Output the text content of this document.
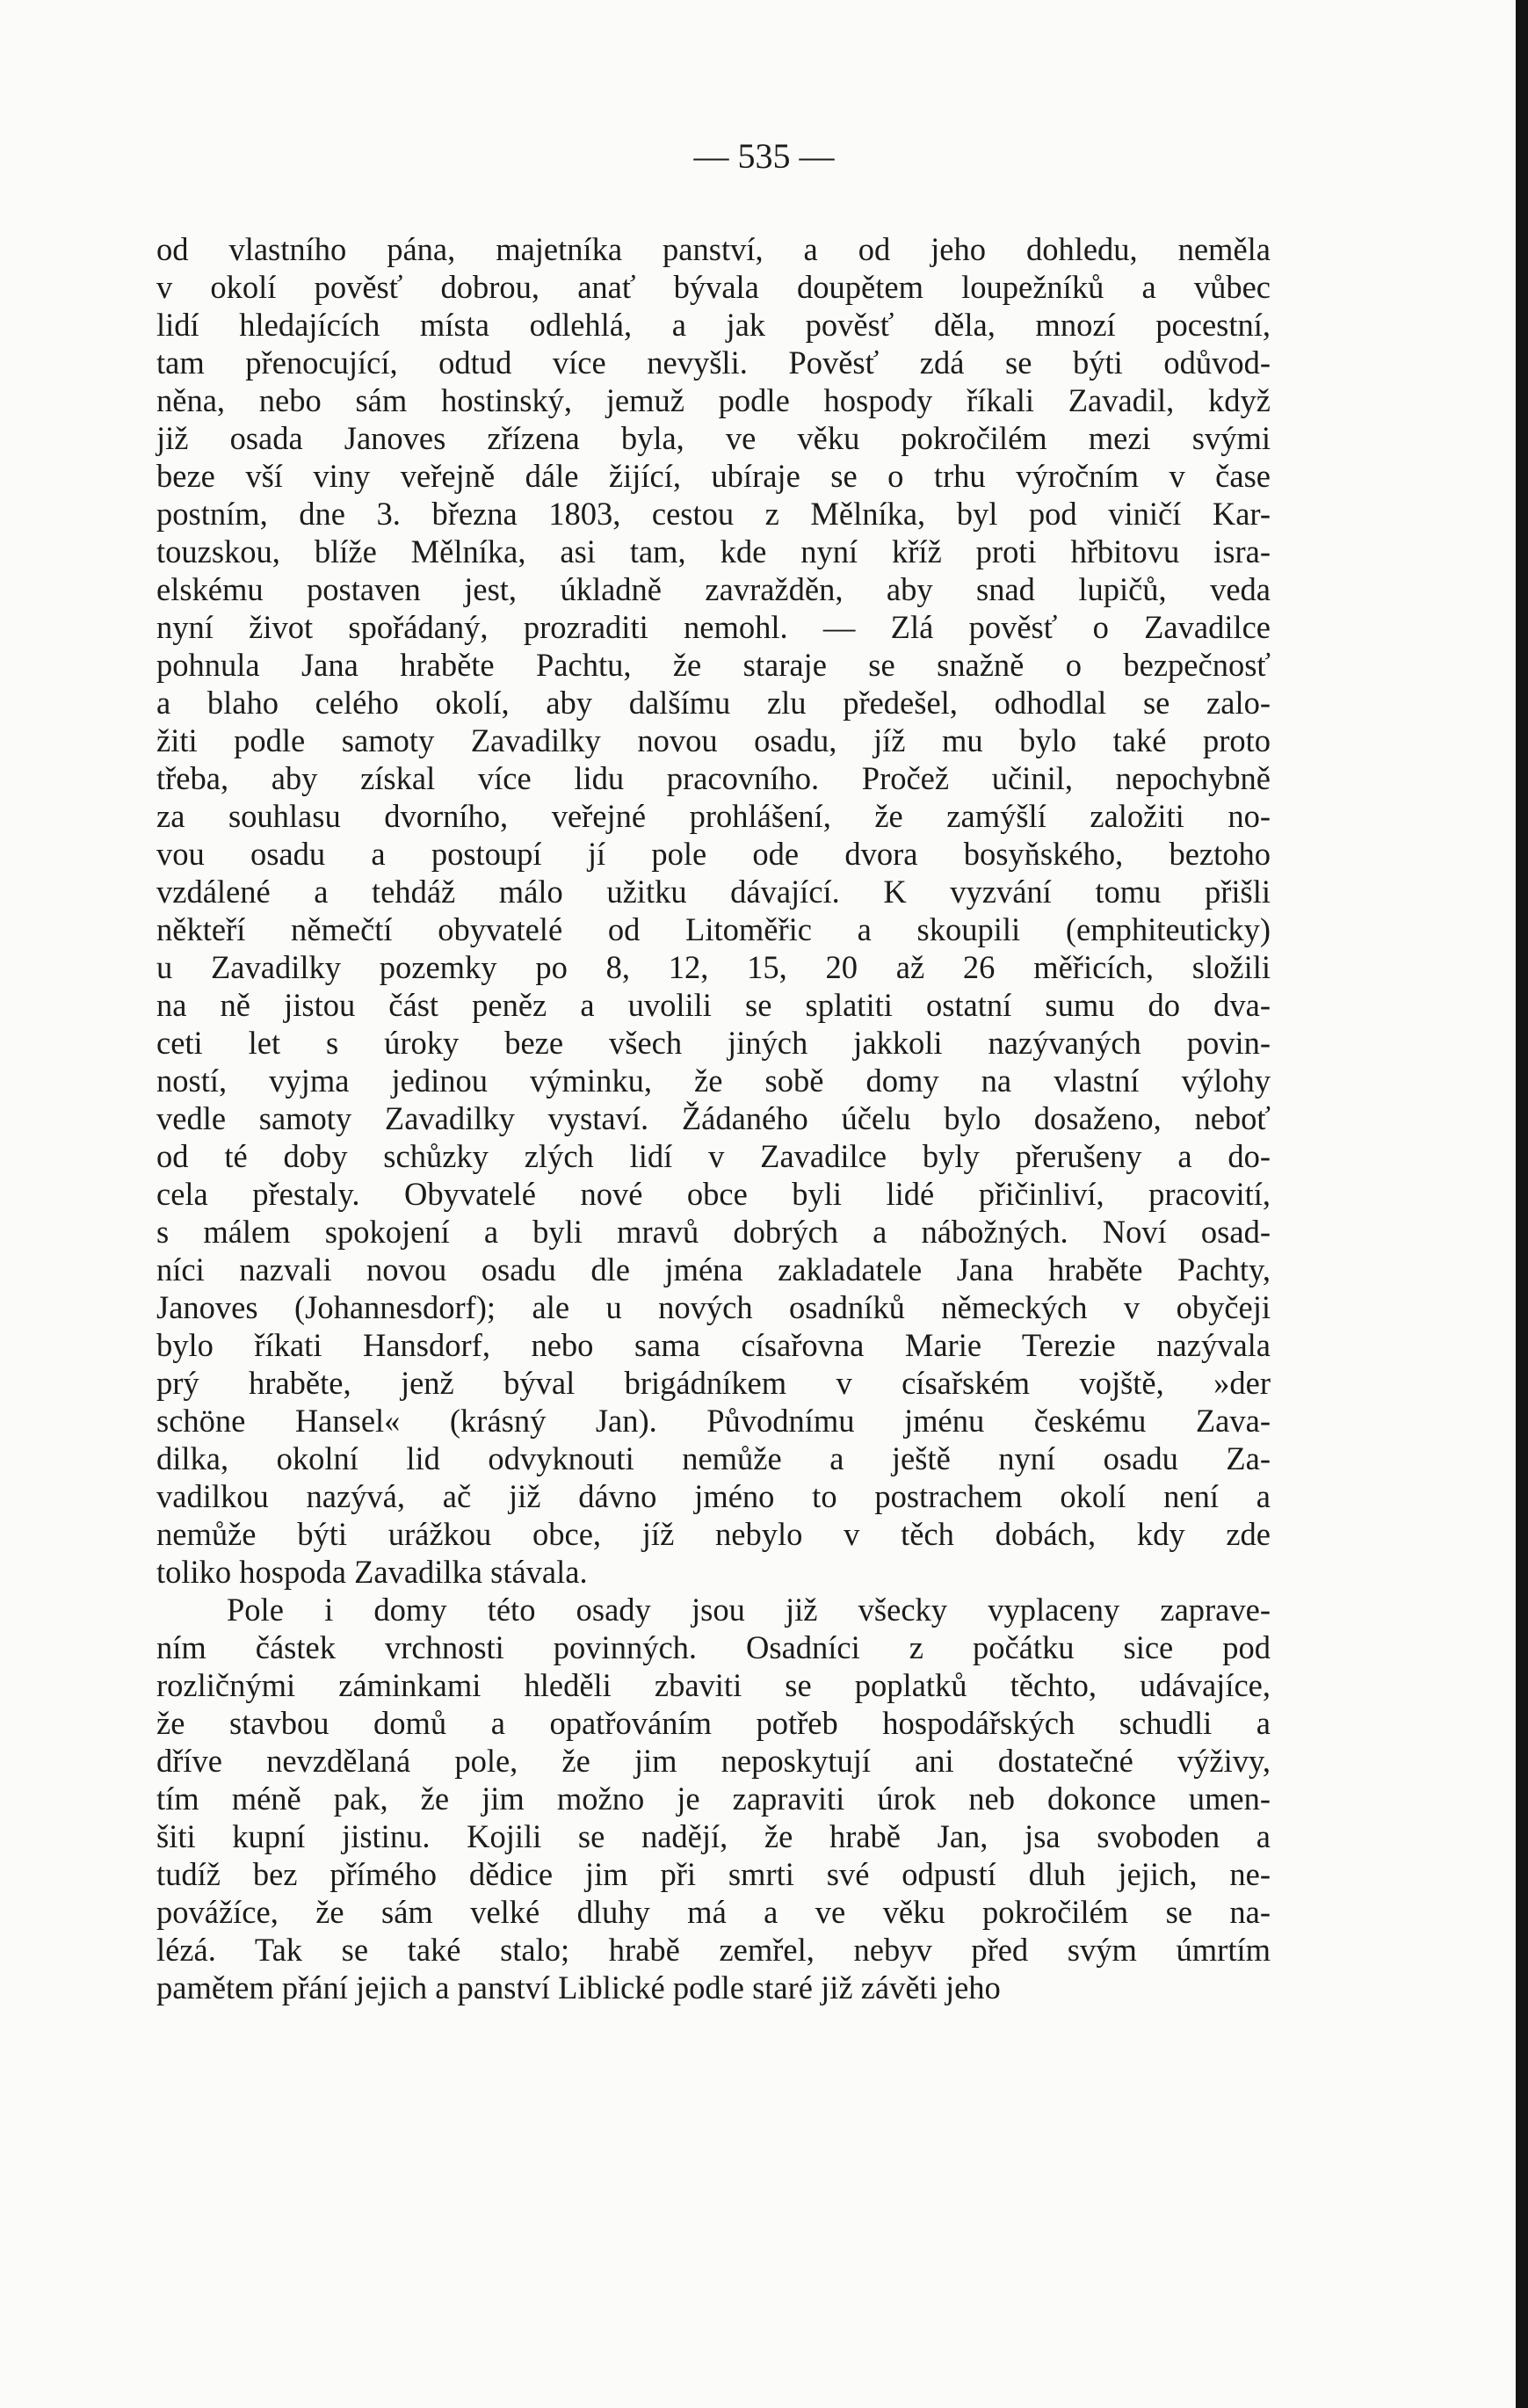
— 535 —
od vlastního pána, majetníka panství, a od jeho dohledu, neměla
v okolí pověsť dobrou, anať bývala doupětem loupežníků a vůbec
lidí hledajících místa odlehlá, a jak pověsť děla, mnozí pocestní,
tam přenocující, odtud více nevyšli. Pověsť zdá se býti odůvod-
něna, nebo sám hostinský, jemuž podle hospody říkali Zavadil, když
již osada Janoves zřízena byla, ve věku pokročilém mezi svými
beze vší viny veřejně dále žijící, ubíraje se o trhu výročním v čase
postním, dne 3. března 1803, cestou z Mělníka, byl pod viničí Kar-
touzskou, blíže Mělníka, asi tam, kde nyní kříž proti hřbitovu isra-
elskému postaven jest, úkladně zavražděn, aby snad lupičů, veda
nyní život spořádaný, prozraditi nemohl. — Zlá pověsť o Zavadilce
pohnula Jana hraběte Pachtu, že staraje se snažně o bezpečnosť
a blaho celého okolí, aby dalšímu zlu předešel, odhodlal se zalo-
žiti podle samoty Zavadilky novou osadu, jíž mu bylo také proto
třeba, aby získal více lidu pracovního. Pročež učinil, nepochybně
za souhlasu dvorního, veřejné prohlášení, že zamýšlí založiti no-
vou osadu a postoupí jí pole ode dvora bosyňského, beztoho
vzdálené a tehdáž málo užitku dávající. K vyzvání tomu přišli
někteří němečtí obyvatelé od Litoměřic a skoupili (emphiteuticky)
u Zavadilky pozemky po 8, 12, 15, 20 až 26 měřicích, složili
na ně jistou část peněz a uvolili se splatiti ostatní sumu do dva-
ceti let s úroky beze všech jiných jakkoli nazývaných povin-
ností, vyjma jedinou výminku, že sobě domy na vlastní výlohy
vedle samoty Zavadilky vystaví. Žádaného účelu bylo dosaženo, neboť
od té doby schůzky zlých lidí v Zavadilce byly přerušeny a do-
cela přestaly. Obyvatelé nové obce byli lidé přičinliví, pracovití,
s málem spokojení a byli mravů dobrých a nábožných. Noví osad-
níci nazvali novou osadu dle jména zakladatele Jana hraběte Pachty,
Janoves (Johannesdorf); ale u nových osadníků německých v obyčeji
bylo říkati Hansdorf, nebo sama císařovna Marie Terezie nazývala
prý hraběte, jenž býval brigádníkem v císařském vojště, »der
schöne Hansel« (krásný Jan). Původnímu jménu českému Zava-
dilka, okolní lid odvyknouti nemůže a ještě nyní osadu Za-
vadilkou nazývá, ač již dávno jméno to postrachem okolí není a
nemůže býti urážkou obce, jíž nebylo v těch dobách, kdy zde
toliko hospoda Zavadilka stávala.
Pole i domy této osady jsou již všecky vyplaceny zapravе-
ním částek vrchnosti povinných. Osadníci z počátku sice pod
rozličnými záminkami hleděli zbaviti se poplatků těchto, udávajíce,
že stavbou domů a opatřováním potřeb hospodářských schudli a
dříve nevzdělaná pole, že jim neposkytují ani dostatečné výživy,
tím méně pak, že jim možno je zapraviti úrok neb dokonce umen-
šiti kupní jistinu. Kojili se nadějí, že hrabě Jan, jsa svoboden a
tudíž bez přímého dědice jim při smrti své odpustí dluh jejich, ne-
povážíce, že sám velké dluhy má a ve věku pokročilém se na-
lézá. Tak se také stalo; hrabě zemřel, nebyv před svým úmrtím
pamětem přání jejich a panství Liblické podle staré již závěti jeho
